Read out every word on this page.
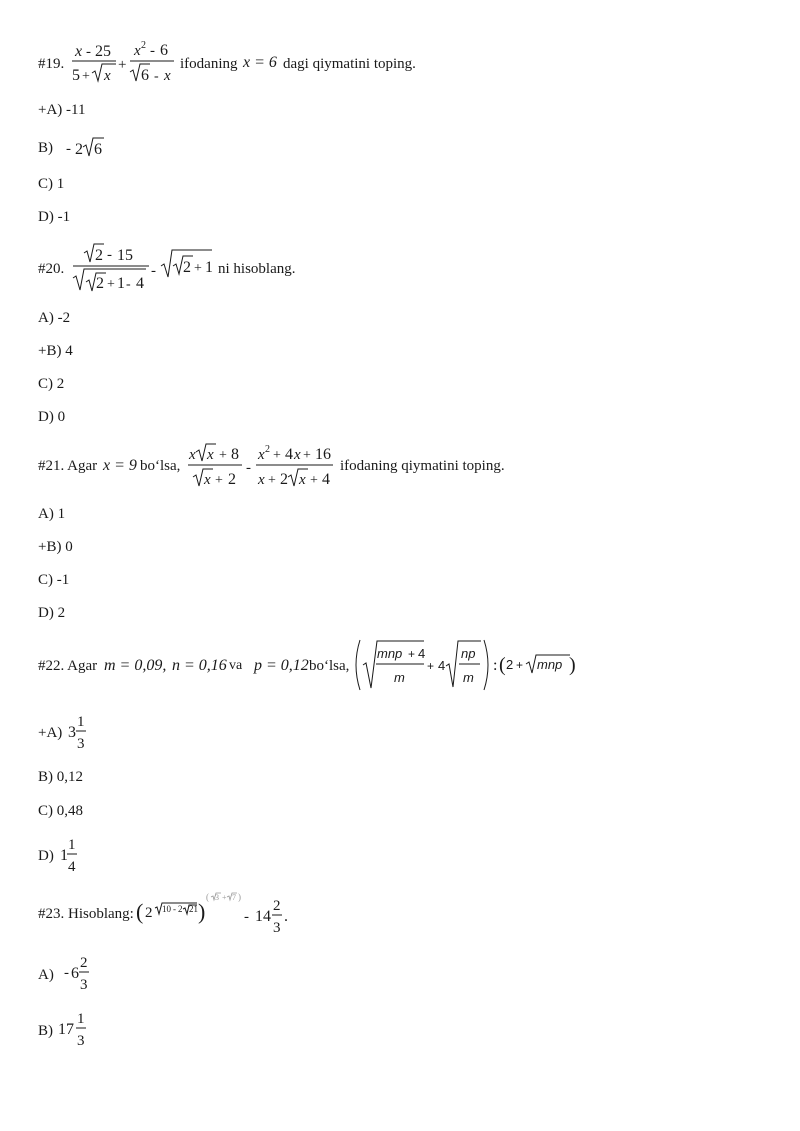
#19.	ifodaning	dagi qiymatini toping.
+A) -11
B)
C) 1
D) -1
#20.	ni hisoblang.
A) -2
+B) 4
C) 2
D) 0
#21. Agar	bo‘lsa,	ifodaning qiymatini toping.
A) 1
+B) 0
C) -1
D) 2
#22. Agar	va	bo‘lsa,
+A)
B) 0,12
C) 0,48
D)
#23. Hisoblang:
A)
B)
x - 25
5 + x
+
x 2 - 6
6 - x
x = 6
- 2 6
2 - 15
2 + 1 - 4
- 2 + 1
x = 9
x x + 8
x + 2
-
x 2 + 4 x + 16
x + 2 x + 4
m = 0,09, n = 0,16 p = 0,12
mnp + 4
m
+ 4
np
m
: ( 2 + mnp )
3
1
3
1
1
4
( 2 10 - 2 21 )
( 3 + 7 )
- 14
2
3
.
- 6
2
3
17
1
3
